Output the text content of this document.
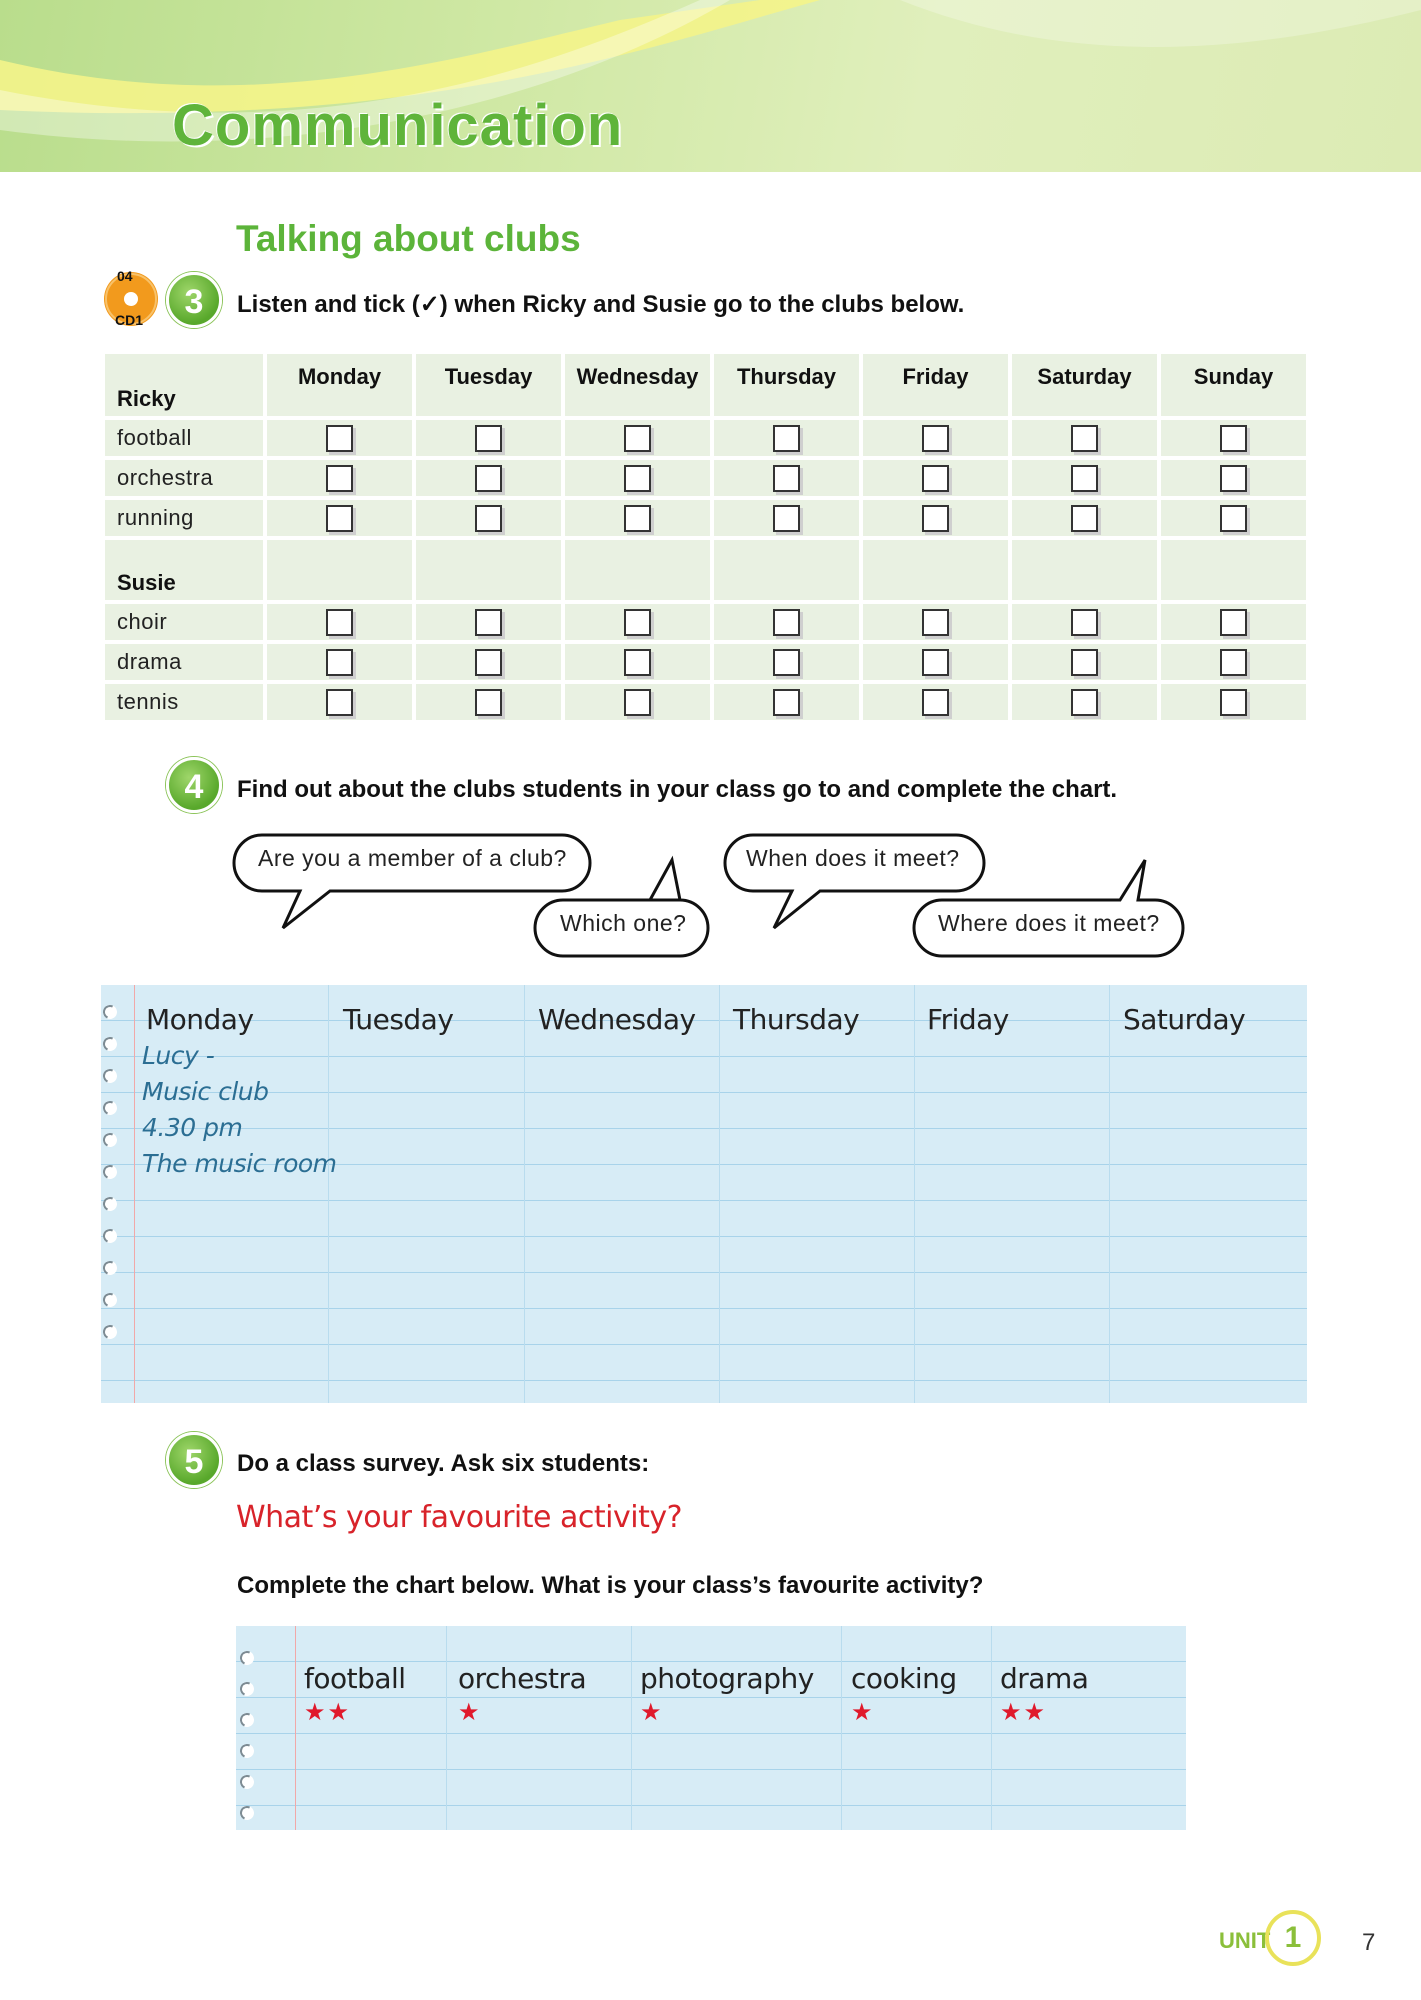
Communication
Talking about clubs
04
CD1	3	Listen and tick (✓) when Ricky and Susie go to the clubs below.
Ricky	Monday	Tuesday	Wednesday	Thursday	Friday	Saturday	Sunday
football							
orchestra							
running							
Susie							
choir							
drama							
tennis							
4	Find out about the clubs students in your class go to and complete the chart.
Are you a member of a club?
Which one?
When does it meet?
Where does it meet?
Monday	Tuesday	Wednesday Thursday Friday	Saturday
Lucy -
Music club
4.30 pm
The music room
5	Do a class survey. Ask six students:
What’s your favourite activity?
Complete the chart below. What is your class’s favourite activity?
football orchestra photography cooking drama
★★	★	★	★	★★
UNIT 1	7
